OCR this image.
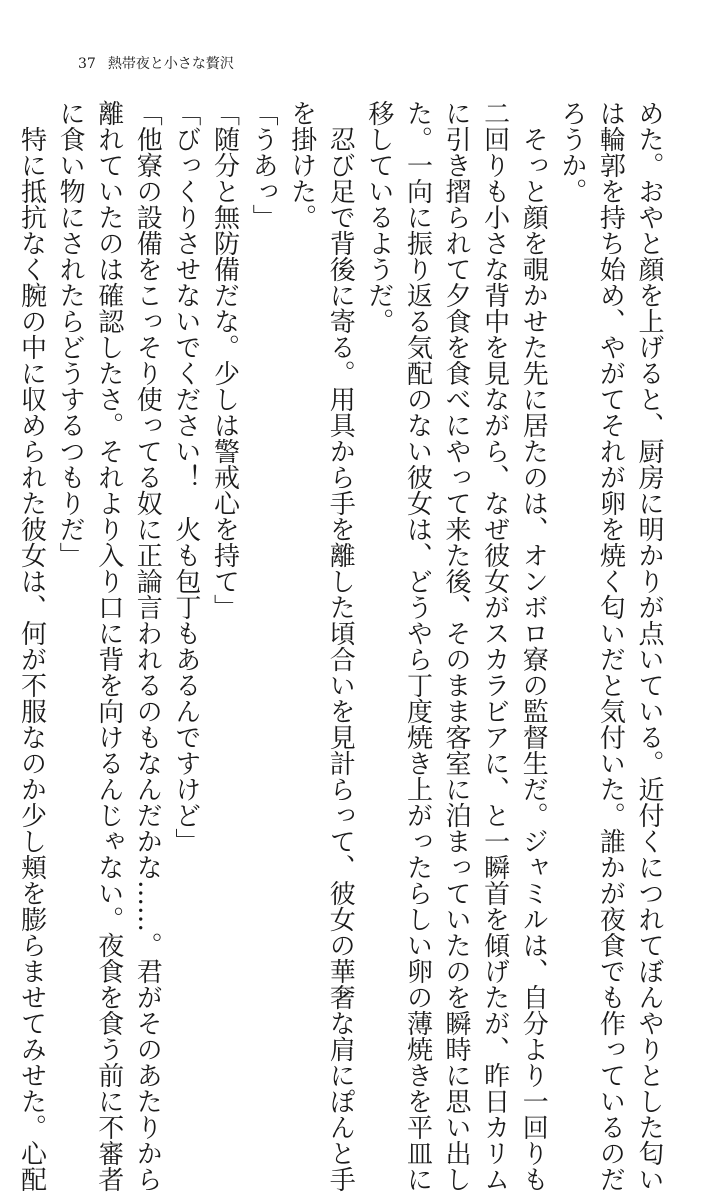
37 熱帯夜と小さな贅沢

めた。おやと顔を上げると、厨房に明かりが点いている。近付くにつれてぼんやりとした匂い

は輪郭を持ち始め、やがてそれが卵を焼く匂いだと気付いた。誰かが夜食でも作っているのだ

ろうか。

　そっと顔を覗かせた先に居たのは、オンボロ寮の監督生だ。ジャミルは、自分より一回りも

二回りも小さな背中を見ながら、なぜ彼女がスカラビアに、と一瞬首を傾げたが、昨日カリム

に引き摺られて夕食を食べにやって来た後、そのまま客室に泊まっていたのを瞬時に思い出し

た。一向に振り返る気配のない彼女は、どうやら丁度焼き上がったらしい卵の薄焼きを平皿に

移しているようだ。

　忍び足で背後に寄る。用具から手を離した頃合いを見計らって、彼女の華奢な肩にぽんと手

を掛けた。

「うあっ」

「随分と無防備だな。少しは警戒心を持て」

「びっくりさせないでください！　火も包丁もあるんですけど」

「他寮の設備をこっそり使ってる奴に正論言われるのもなんだかな……。君がそのあたりから

離れていたのは確認したさ。それより入り口に背を向けるんじゃない。夜食を食う前に不審者

に食い物にされたらどうするつもりだ」

　特に抵抗なく腕の中に収められた彼女は、何が不服なのか少し頬を膨らませてみせた。心配
